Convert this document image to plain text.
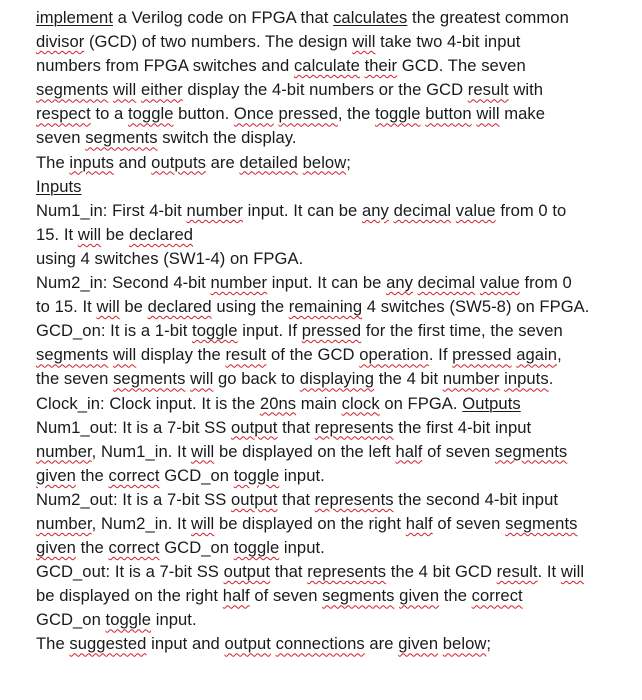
implement a Verilog code on FPGA that calculates the greatest common
divisor (GCD) of two numbers. The design will take two 4-bit input
numbers from FPGA switches and calculate their GCD. The seven
segments will either display the 4-bit numbers or the GCD result with
respect to a toggle button. Once pressed, the toggle button will make
seven segments switch the display.
The inputs and outputs are detailed below;
Inputs
Num1_in: First 4-bit number input. It can be any decimal value from 0 to
15. It will be declared
using 4 switches (SW1-4) on FPGA.
Num2_in: Second 4-bit number input. It can be any decimal value from 0
to 15. It will be declared using the remaining 4 switches (SW5-8) on FPGA.
GCD_on: It is a 1-bit toggle input. If pressed for the first time, the seven
segments will display the result of the GCD operation. If pressed again,
the seven segments will go back to displaying the 4 bit number inputs.
Clock_in: Clock input. It is the 20ns main clock on FPGA. Outputs
Num1_out: It is a 7-bit SS output that represents the first 4-bit input
number, Num1_in. It will be displayed on the left half of seven segments
given the correct GCD_on toggle input.
Num2_out: It is a 7-bit SS output that represents the second 4-bit input
number, Num2_in. It will be displayed on the right half of seven segments
given the correct GCD_on toggle input.
GCD_out: It is a 7-bit SS output that represents the 4 bit GCD result. It will
be displayed on the right half of seven segments given the correct
GCD_on toggle input.
The suggested input and output connections are given below;
